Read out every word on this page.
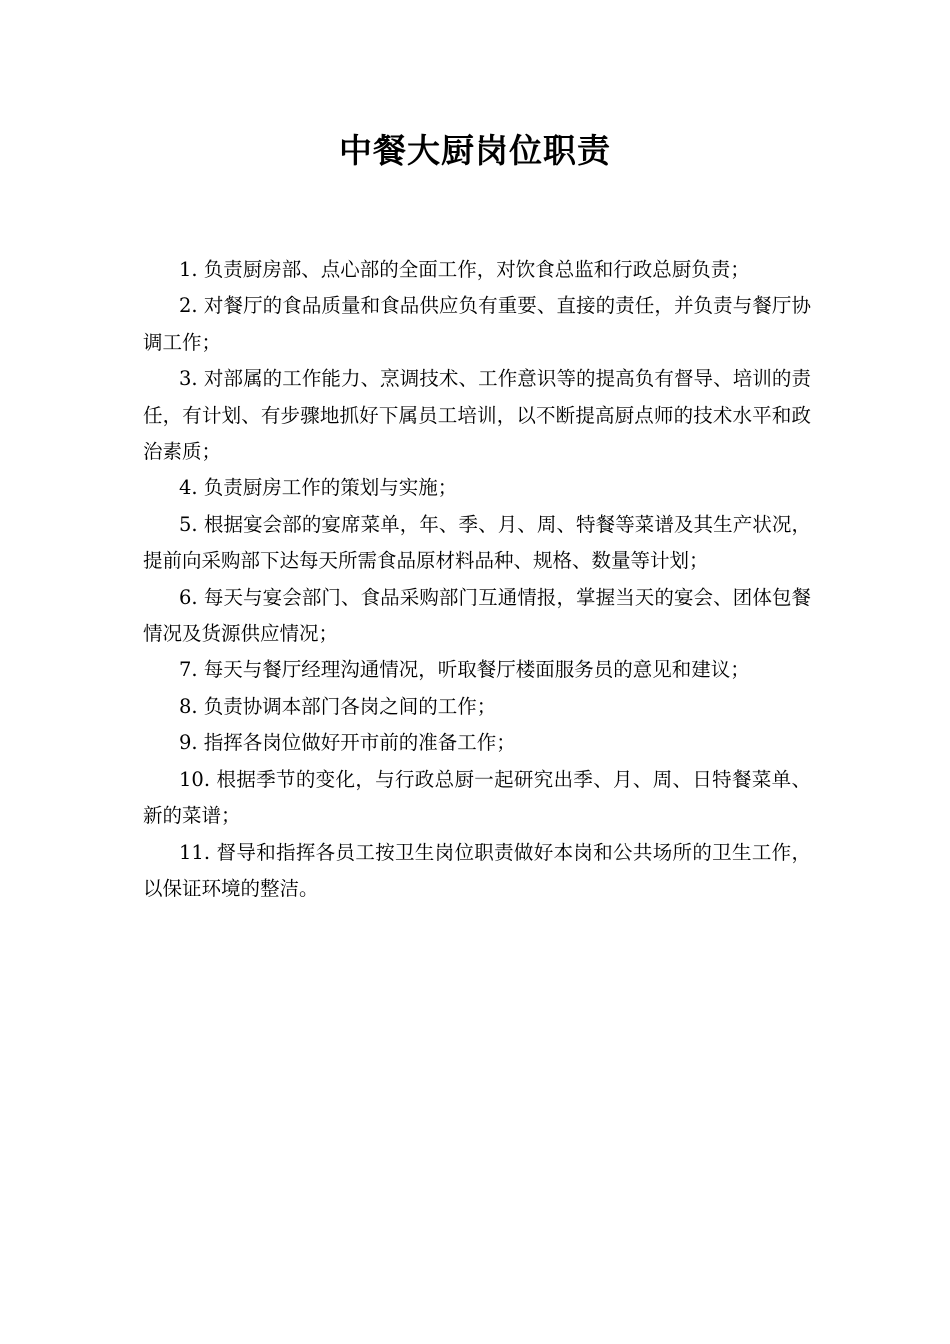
中餐大厨岗位职责

1. 负责厨房部、点心部的全面工作，对饮食总监和行政总厨负责；

2. 对餐厅的食品质量和食品供应负有重要、直接的责任，并负责与餐厅协调工作；

3. 对部属的工作能力、烹调技术、工作意识等的提高负有督导、培训的责任，有计划、有步骤地抓好下属员工培训，以不断提高厨点师的技术水平和政治素质；

4. 负责厨房工作的策划与实施；

5. 根据宴会部的宴席菜单，年、季、月、周、特餐等菜谱及其生产状况，提前向采购部下达每天所需食品原材料品种、规格、数量等计划；

6. 每天与宴会部门、食品采购部门互通情报，掌握当天的宴会、团体包餐情况及货源供应情况；

7. 每天与餐厅经理沟通情况，听取餐厅楼面服务员的意见和建议；

8. 负责协调本部门各岗之间的工作；

9. 指挥各岗位做好开市前的准备工作；

10. 根据季节的变化，与行政总厨一起研究出季、月、周、日特餐菜单、新的菜谱；

11. 督导和指挥各员工按卫生岗位职责做好本岗和公共场所的卫生工作，以保证环境的整洁。
